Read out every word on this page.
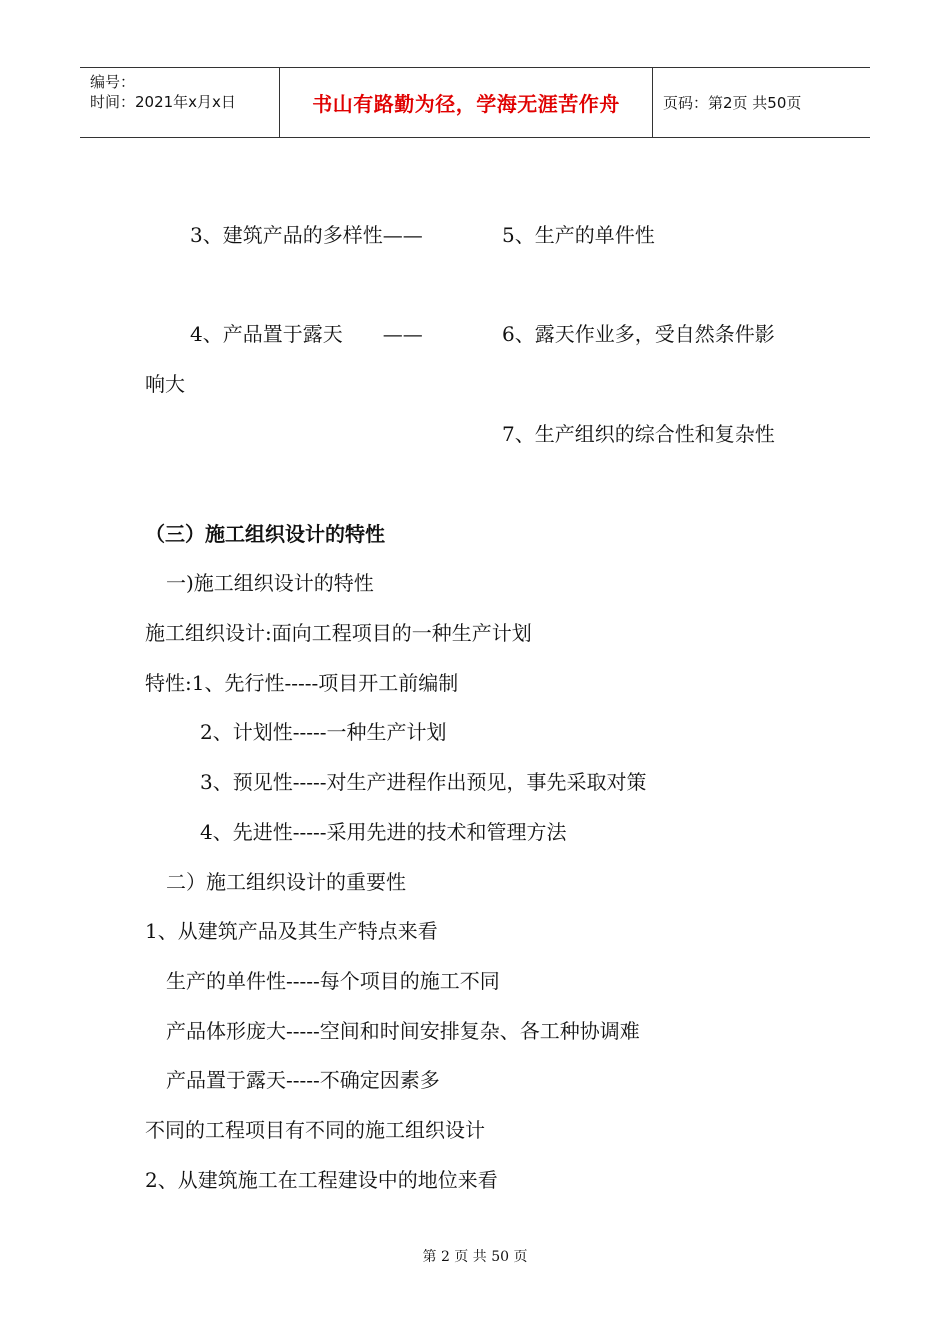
编号：
时间：2021年x月x日	书山有路勤为径，学海无涯苦作舟	页码：第2页 共50页
3、建筑产品的多样性——	5、生产的单件性
4、产品置于露天　　——	6、露天作业多，受自然条件影
响大
7、生产组织的综合性和复杂性
（三）施工组织设计的特性
一)施工组织设计的特性
施工组织设计:面向工程项目的一种生产计划
特性:1、先行性-----项目开工前编制
2、计划性-----一种生产计划
3、预见性-----对生产进程作出预见，事先采取对策
4、先进性-----采用先进的技术和管理方法
二）施工组织设计的重要性
1、从建筑产品及其生产特点来看
生产的单件性-----每个项目的施工不同
产品体形庞大-----空间和时间安排复杂、各工种协调难
产品置于露天-----不确定因素多
不同的工程项目有不同的施工组织设计
2、从建筑施工在工程建设中的地位来看
第 2 页 共 50 页
